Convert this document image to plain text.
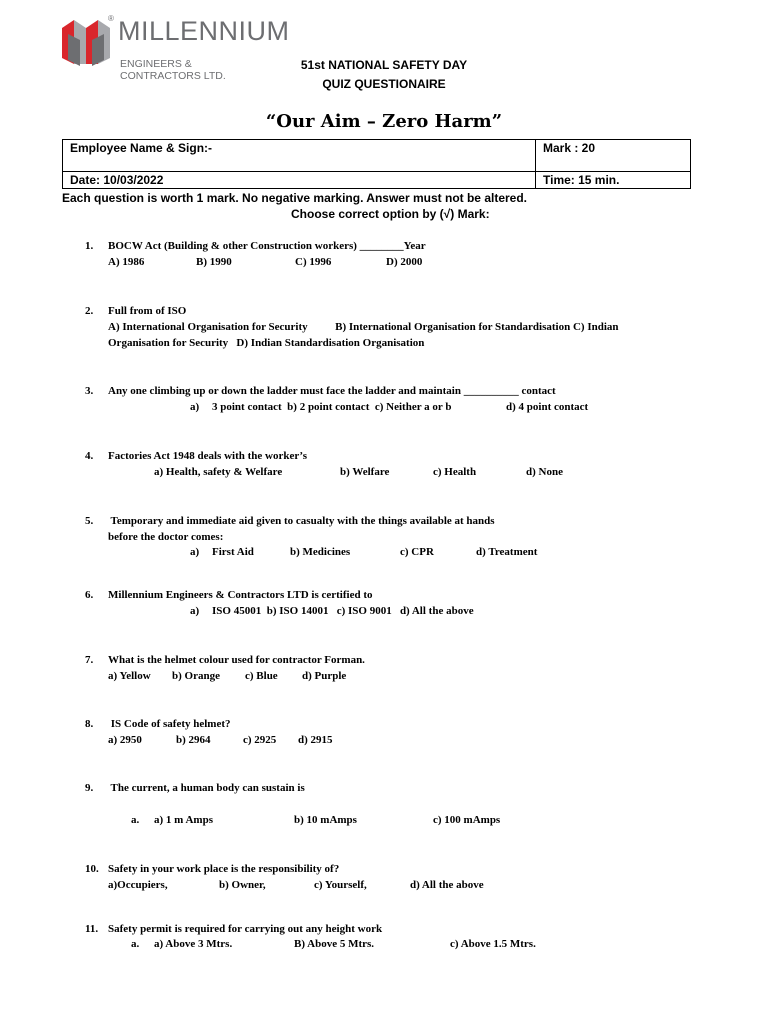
® MILLENNIUM
ENGINEERS & CONTRACTORS LTD.
51st NATIONAL SAFETY DAY
QUIZ QUESTIONAIRE
“Our Aim – Zero Harm”
Employee Name & Sign:-	Mark : 20
Date: 10/03/2022	Time: 15 min.
Each question is worth 1 mark. No negative marking. Answer must not be altered.
Choose correct option by (√) Mark:
1. BOCW Act (Building & other Construction workers) ________Year
A) 1986	B) 1990	C) 1996	D) 2000
2. Full from of ISO
A) International Organisation for Security          B) International Organisation for Standardisation C) Indian
Organisation for Security   D) Indian Standardisation Organisation
3. Any one climbing up or down the ladder must face the ladder and maintain __________ contact
a) 3 point contact  b) 2 point contact  c) Neither a or b	d) 4 point contact
4. Factories Act 1948 deals with the worker’s
a) Health, safety & Welfare	b) Welfare	c) Health	d) None
5. Temporary and immediate aid given to casualty with the things available at hands
before the doctor comes:
a) First Aid	b) Medicines	c) CPR	d) Treatment
6. Millennium Engineers & Contractors LTD is certified to
a) ISO 45001  b) ISO 14001   c) ISO 9001   d) All the above
7. What is the helmet colour used for contractor Forman.
a) Yellow b) Orange c) Blue d) Purple
8. IS Code of safety helmet?
a) 2950	b) 2964	c) 2925 d) 2915
9. The current, a human body can sustain is
a. a) 1 m Amps	b) 10 mAmps	c) 100 mAmps
10. Safety in your work place is the responsibility of?
a)Occupiers,	b) Owner,	c) Yourself,	d) All the above
11. Safety permit is required for carrying out any height work
a. a) Above 3 Mtrs.	B) Above 5 Mtrs.	c) Above 1.5 Mtrs.
